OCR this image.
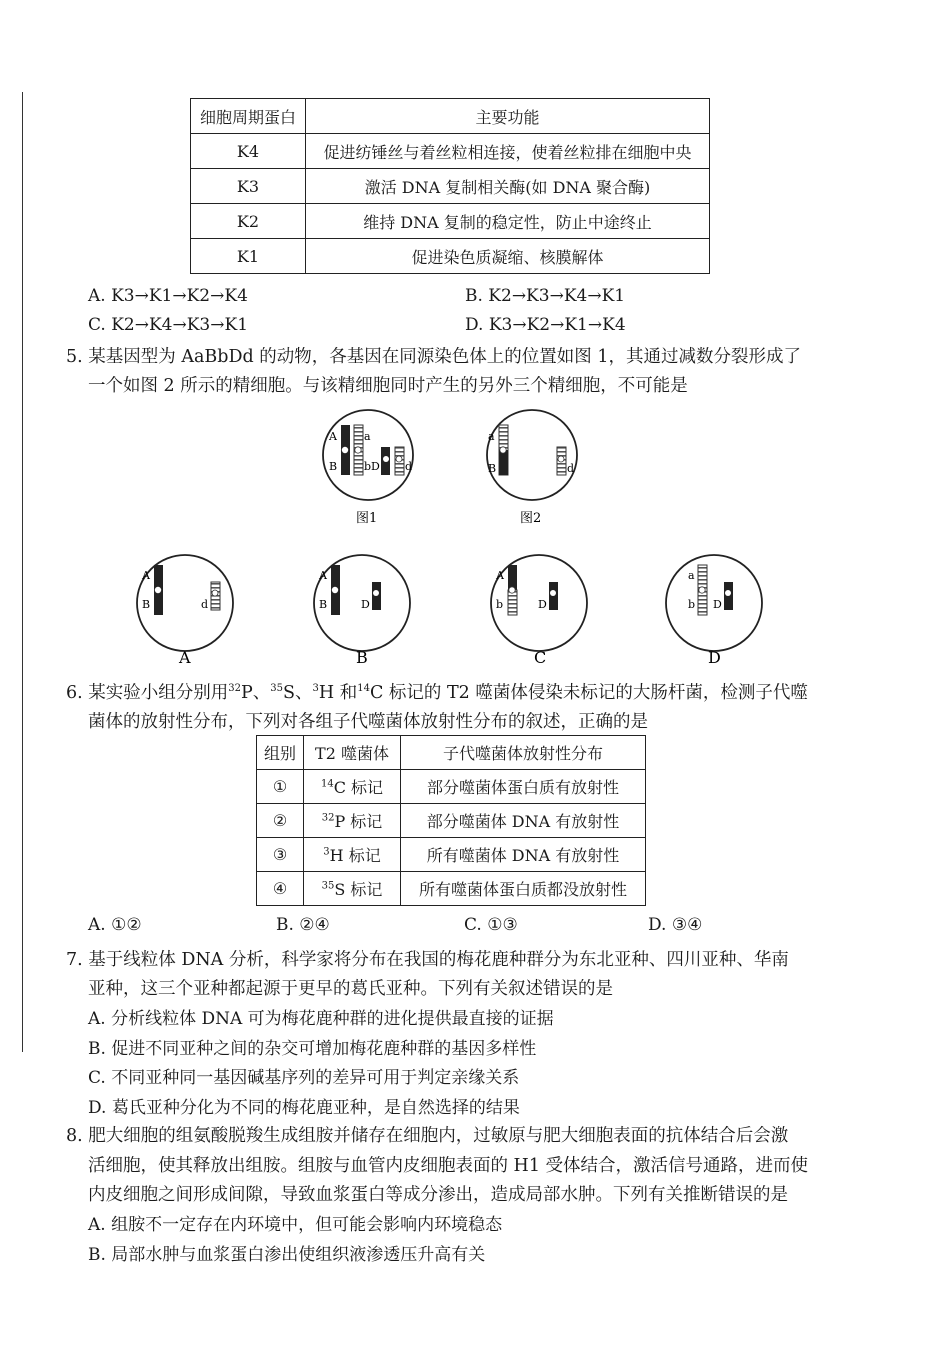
细胞周期蛋白	主要功能
K4	促进纺锤丝与着丝粒相连接，使着丝粒排在细胞中央
K3	激活 DNA 复制相关酶(如 DNA 聚合酶)
K2	维持 DNA 复制的稳定性，防止中途终止
K1	促进染色质凝缩、核膜解体
A. K3→K1→K2→K4	B. K2→K3→K4→K1
C. K2→K4→K3→K1	D. K3→K2→K1→K4
5. 某基因型为 AaBbDd 的动物，各基因在同源染色体上的位置如图 1，其通过减数分裂形成了
一个如图 2 所示的精细胞。与该精细胞同时产生的另外三个精细胞，不可能是
A a
B b D d
图1
a
B	d
图2
A
B	d
A
B	D
A
b	D
a
b D
A	B	C	D
6. 某实验小组分别用$^{32}$P、$^{35}$S、$^3$H 和$^{14}$C 标记的 T2 噬菌体侵染未标记的大肠杆菌，检测子代噬
菌体的放射性分布，下列对各组子代噬菌体放射性分布的叙述，正确的是
组别	T2 噬菌体	子代噬菌体放射性分布
①	$^{14}$C 标记	部分噬菌体蛋白质有放射性
②	$^{32}$P 标记	部分噬菌体 DNA 有放射性
③	$^3$H 标记	所有噬菌体 DNA 有放射性
④	$^{35}$S 标记	所有噬菌体蛋白质都没放射性
A. ①②	B. ②④	C. ①③	D. ③④
7. 基于线粒体 DNA 分析，科学家将分布在我国的梅花鹿种群分为东北亚种、四川亚种、华南
亚种，这三个亚种都起源于更早的葛氏亚种。下列有关叙述错误的是
A. 分析线粒体 DNA 可为梅花鹿种群的进化提供最直接的证据
B. 促进不同亚种之间的杂交可增加梅花鹿种群的基因多样性
C. 不同亚种同一基因碱基序列的差异可用于判定亲缘关系
D. 葛氏亚种分化为不同的梅花鹿亚种，是自然选择的结果
8. 肥大细胞的组氨酸脱羧生成组胺并储存在细胞内，过敏原与肥大细胞表面的抗体结合后会激
活细胞，使其释放出组胺。组胺与血管内皮细胞表面的 H1 受体结合，激活信号通路，进而使
内皮细胞之间形成间隙，导致血浆蛋白等成分渗出，造成局部水肿。下列有关推断错误的是
A. 组胺不一定存在内环境中，但可能会影响内环境稳态
B. 局部水肿与血浆蛋白渗出使组织液渗透压升高有关
